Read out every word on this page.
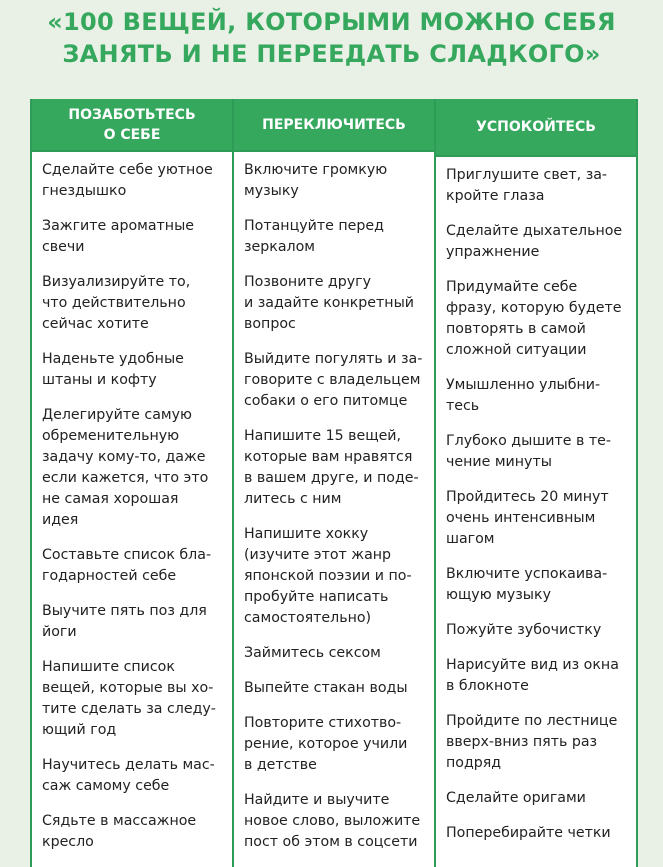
«100 ВЕЩЕЙ, КОТОРЫМИ МОЖНО СЕБЯ
ЗАНЯТЬ И НЕ ПЕРЕЕДАТЬ СЛАДКОГО»
ПОЗАБОТЬТЕСЬ
О СЕБЕ
Сделайте себе уютное
гнездышко
Зажгите ароматные
свечи
Визуализируйте то,
что действительно
сейчас хотите
Наденьте удобные
штаны и кофту
Делегируйте самую
обременительную
задачу кому-то, даже
если кажется, что это
не самая хорошая
идея
Составьте список бла-
годарностей себе
Выучите пять поз для
йоги
Напишите список
вещей, которые вы хо-
тите сделать за следу-
ющий год
Научитесь делать мас-
саж самому себе
Сядьте в массажное
кресло
ПЕРЕКЛЮЧИТЕСЬ
Включите громкую
музыку
Потанцуйте перед
зеркалом
Позвоните другу
и задайте конкретный
вопрос
Выйдите погулять и за-
говорите с владельцем
собаки о его питомце
Напишите 15 вещей,
которые вам нравятся
в вашем друге, и поде-
литесь с ним
Напишите хокку
(изучите этот жанр
японской поэзии и по-
пробуйте написать
самостоятельно)
Займитесь сексом
Выпейте стакан воды
Повторите стихотво-
рение, которое учили
в детстве
Найдите и выучите
новое слово, выложите
пост об этом в соцсети
УСПОКОЙТЕСЬ
Приглушите свет, за-
кройте глаза
Сделайте дыхательное
упражнение
Придумайте себе
фразу, которую будете
повторять в самой
сложной ситуации
Умышленно улыбни-
тесь
Глубоко дышите в те-
чение минуты
Пройдитесь 20 минут
очень интенсивным
шагом
Включите успокаива-
ющую музыку
Пожуйте зубочистку
Нарисуйте вид из окна
в блокноте
Пройдите по лестнице
вверх-вниз пять раз
подряд
Сделайте оригами
Поперебирайте четки
